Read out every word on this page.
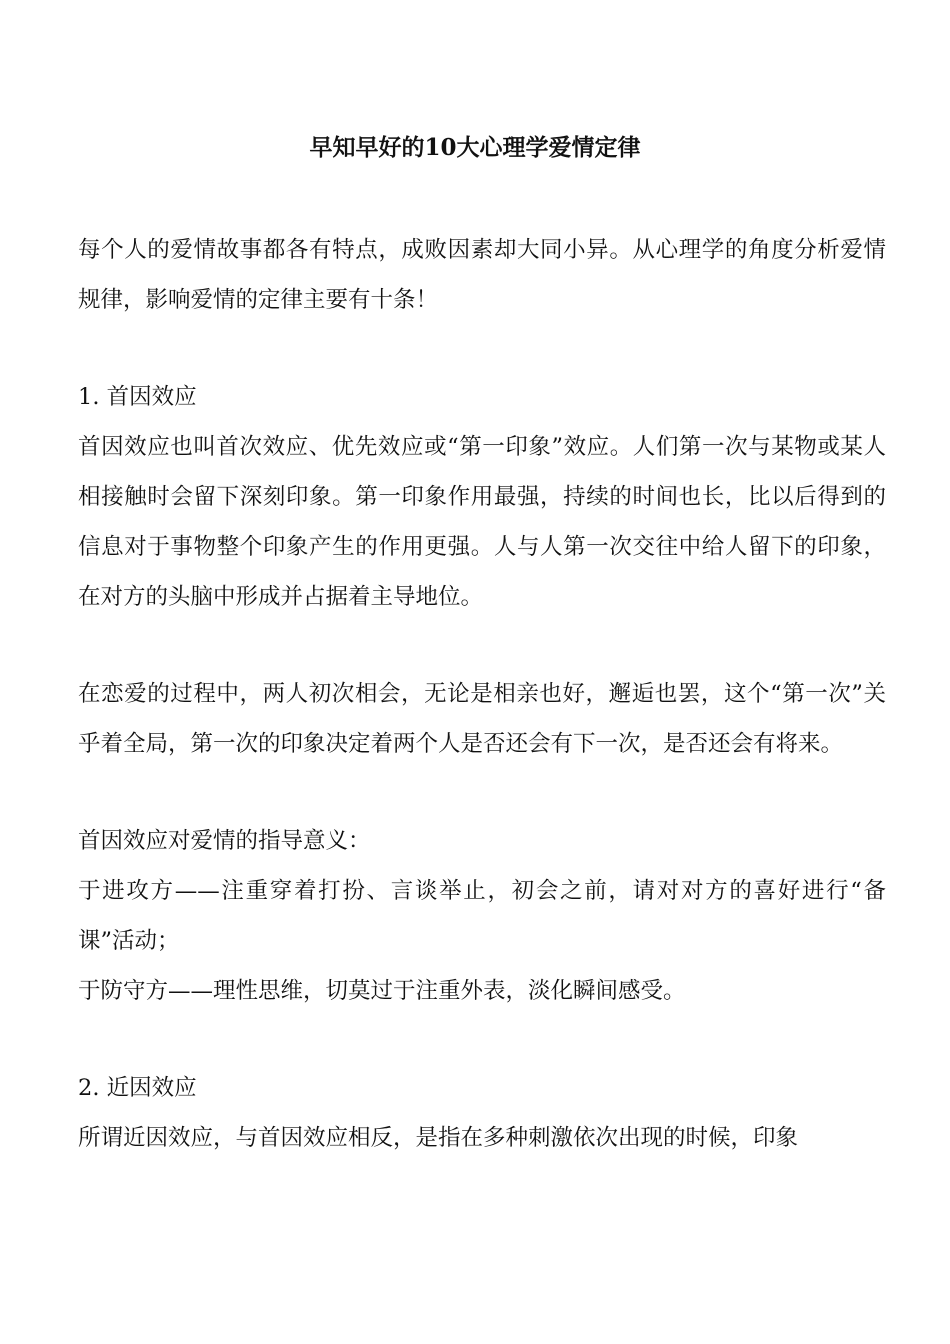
早知早好的10大心理学爱情定律

每个人的爱情故事都各有特点，成败因素却大同小异。从心理学的角度分析爱情规律，影响爱情的定律主要有十条！

1. 首因效应

首因效应也叫首次效应、优先效应或“第一印象”效应。人们第一次与某物或某人相接触时会留下深刻印象。第一印象作用最强，持续的时间也长，比以后得到的信息对于事物整个印象产生的作用更强。人与人第一次交往中给人留下的印象，在对方的头脑中形成并占据着主导地位。

在恋爱的过程中，两人初次相会，无论是相亲也好，邂逅也罢，这个“第一次”关乎着全局，第一次的印象决定着两个人是否还会有下一次，是否还会有将来。

首因效应对爱情的指导意义：

于进攻方——注重穿着打扮、言谈举止，初会之前，请对对方的喜好进行“备课”活动；

于防守方——理性思维，切莫过于注重外表，淡化瞬间感受。

2. 近因效应

所谓近因效应，与首因效应相反，是指在多种刺激依次出现的时候，印象
